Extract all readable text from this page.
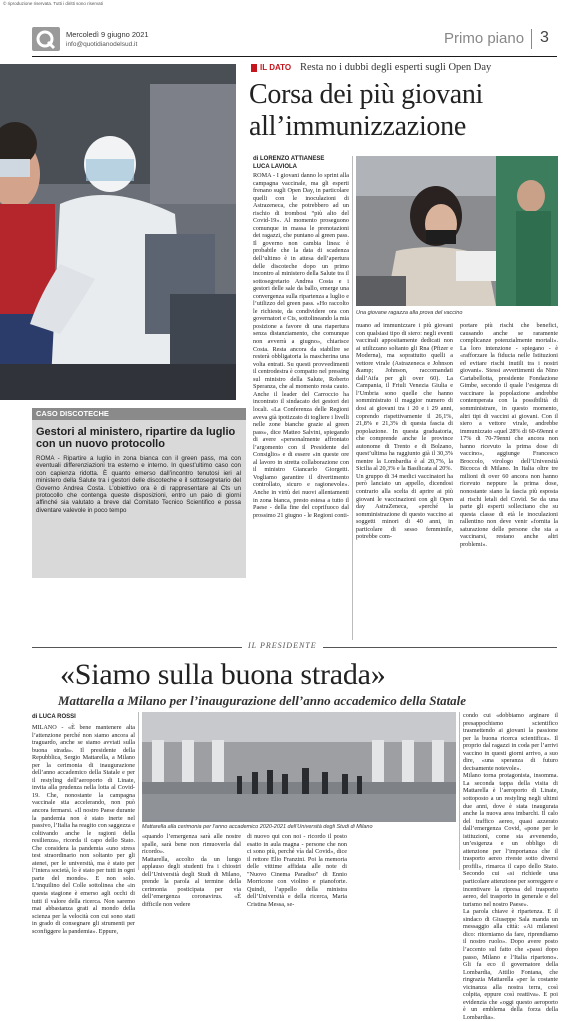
© riproduzione riservata. Tutti i diritti sono riservati
Mercoledì 9 giugno 2021
info@quotidianodelsud.it	Primo piano 3
IL DATO Resta no i dubbi degli esperti sugli Open Day
Corsa dei più giovani
all’immunizzazione
di LORENZO ATTIANESE
LUCA LAVIOLA
ROMA - I giovani danno lo sprint alla campagna vaccinale, ma gli esperti frenano sugli Open Day, in particolare quelli con le inoculazioni di Astrazeneca, che potrebbero ad un rischio di trombosi “più alto del Covid-19». Al momento proseguono comunque in massa le prenotazioni dei ragazzi, che puntano al green pass. Il governo non cambia linea: è probabile che la data di scadenza dell’ultimo è in attesa dell’apertura delle discoteche dopo un primo incontro al ministero della Salute tra il sottosegretario Andrea Costa e i gestori delle sale da ballo, emerge una convergenza sulla ripartenza a luglio e l’utilizzo del green pass. «Ho raccolto le richieste, da condividere ora con governatori e Cts, sottolineando la mia posizione a favore di una riapertura senza distanziamento, che comunque non avverrà a giugno», chiarisce Costa. Resta ancora da stabilire se resterà obbligatoria la mascherina una volta entrati. Su questi provvedimenti il centrodestra è compatto nel pressing sul ministro della Salute, Roberto Speranza, che al momento resta cauto. Anche il leader del Carroccio ha incontrato il sindacato dei gestori dei locali. «La Conferenza delle Regioni aveva già ipotizzato di togliere i livelli nelle zone bianche grazie al green pass», dice Matteo Salvini, spiegando di avere «personalmente affrontato l’argomento con il Presidente del Consiglio» e di essere «in queste ore al lavoro in stretta collaborazione con il ministro Giancarlo Giorgetti. Vogliamo garantire il divertimento controllato, sicuro e ragionevole». Anche in virtù dei nuovi allentamenti in zona bianca, presto estesa a tutto il Paese - della fine del coprifuoco dal prossimo 21 giugno - le Regioni conti-
Una giovane ragazza alla prova del vaccino
nuano ad immunizzare i più giovani con qualsiasi tipo di siero: negli eventi vaccinali appositamente dedicati non ai utilizzano soltanto gli Rna (Pfizer e Moderna), ma soprattutto quelli a vettore virale (Astrazeneca e Johnson &amp; Johnson, raccomandati dall’Aifa per gli over 60). La Campania, il Friuli Venezia Giulia e l’Umbria sono quelle che hanno somministrato il maggior numero di dosi ai giovani tra i 20 e i 29 anni, coprendo rispettivamente il 26,1%, 21,8% e 21,3% di questa fascia di popolazione. In questa graduatoria, che comprende anche le province autonome di Trento e di Bolzano, quest’ultima ha raggiunto già il 30,3% mentre la Lombardia è al 20,7%, la Sicilia al 20,3% e la Basilicata al 20%.
Un gruppo di 34 medici vaccinatori ha però lanciato un appello, dicendosi contrario alla scelta di aprire ai più giovani le vaccinazioni con gli Open day AstraZeneca, «perché la somministrazione di questo vaccino ai soggetti minori di 40 anni, in particolare di sesso femminile, potrebbe com-
portare più rischi che benefici, causando anche se raramente complicanze potenzialmente mortali». La loro intenzione - spiegano - è «rafforzare la fiducia nelle Istituzioni ed evitare rischi inutili tra i nostri giovani». Stessi avvertimenti da Nino Cartabellotta, presidente Fondazione Gimbe, secondo il quale l’esigenza di vaccinare la popolazione andrebbe contemperata con la possibilità di somministrare, in questo momento, altri tipi di vaccini ai giovani. Con il siero a vettore virale, andrebbe immunizzato «quel 28% di 60-69enni e 17% di 70-79enni che ancora non hanno ricevuto la prima dose di vaccino», aggiunge Francesco Broccolo, virologo dell’Università Bicocca di Milano. In Italia oltre tre milioni di over 60 ancora non hanno ricevuto neppure la prima dose, nonostante siano la fascia più esposta ai rischi letali del Covid. Se da una parte gli esperti sollecitano che su questa classe di età le inoculazioni rallentino non deve venir «fornita la saturazione delle persone che sta a vaccinarsi, restano anche altri problemi».
CASO DISCOTECHE
Gestori al ministero, ripartire da luglio
con un nuovo protocollo
ROMA - Ripartire a luglio in zona bianca con il green pass, ma con eventuali differenziazioni tra esterno e interno. In quest’ultimo caso con con capienza ridotta. È quanto emerso dall’incontro tenutosi ieri al ministero della Salute tra i gestori delle discoteche e il sottosegretario del Governo Andrea Costa. L’obiettivo ora è di rappresentare al Cts un protocollo che contenga queste disposizioni, entro un paio di giorni affinché sia valutato a breve dal Comitato Tecnico Scientifico e possa diventare valevole in poco tempo
IL PRESIDENTE
«Siamo sulla buona strada»
Mattarella a Milano per l’inaugurazione dell’anno accademico della Statale
di LUCA ROSSI
MILANO - «È bene mantenere alta l’attenzione perché non siamo ancora al traguardo, anche se siamo avviati sulla buona strada». Il presidente della Repubblica, Sergio Mattarella, a Milano per la cerimonia di inaugurazione dell’anno accademico della Statale e per il restyling dell’aeroporto di Linate, invita alla prudenza nella lotta al Covid-19. Che, nonostante la campagna vaccinale stia accelerando, non può ancora fermarsi. «Il nostro Paese durante la pandemia non è stato inerte nel passivo, l’Italia ha reagito con saggezza e coltivando anche le ragioni della resilienza», ricorda il capo dello Stato. Che considera la pandemia «uno stress test straordinario non soltanto per gli atenei, per le università, ma è stato per l’intera società, lo è stato per tutti in ogni parte del mondo». E non solo. L’inquilino del Colle sottolinea che «in questa stagione è emerso agli occhi di tutti il valore della ricerca. Non saremo mai abbastanza grati al mondo della scienza per la velocità con cui sono stati in grado di consegnare gli strumenti per sconfiggere la pandemia». Eppure,
Mattarella alla cerimonia per l’anno accademico 2020-2021 dell’Università degli Studi di Milano
«quando l’emergenza sarà alle nostre spalle, sarà bene non rimuoverla dal ricordo».
Mattarella, accolto da un lungo applauso degli studenti fra i chiostri dell’Università degli Studi di Milano, prende la parola al termine della cerimonia posticipata per via dell’emergenza coronavirus. «È difficile non vedere
di nuovo qui con noi - ricordo il posto esatto in aula magna - persone che non ci sono più, perché vía dal Covid», dice il rettore Elio Franzini. Poi la memoria delle vittime affidata alle note di "Nuovo Cinema Paradiso" di Ennio Morricone con violino e pianoforte. Quindi, l’appello della ministra dell’Università e della ricerca, Maria Cristina Messa, se-
condo cui «dobbiamo arginare il presappochismo scientifico trasmettendo ai giovani la passione per la buona ricerca scientifica». Il proprio dal ragazzi in coda per l’arrivi vaccino in questi giorni arrivo, a suo dire, «una speranza di futuro decisamente notevole».
Milano torna protagonista, insomma. La seconda tappa della visita di Mattarella è l’aeroporto di Linate, sottoposto a un restyling negli ultimi due anni, dove è stata inaugurata anche la nuova area imbarchi. Il calo del traffico aereo, quasi azzerato dall’emergenza Covid, «pone per le istituzioni, come sta avvenendo, un’esigenza e un obbligo di attenzione per l’importanza che il trasporto aereo riveste sotto diversi profili», rimarca il capo dello Stato. Secondo cui «si richiede una particolare attenzione per sorreggere e incentivare la ripresa del trasporto aereo, del trasporto in generale e del turismo nel nostro Paese».
La parola chiave è ripartenza. E il sindaco di Giuseppe Sala manda un messaggio alla città: «Ai milanesi dico: ritorniamo da fare, riprendiamo il nostro ruolo». Dopo avere posto l’accento sul fatto che «passi dopo passo, Milano e l’Italia ripartono». Gli fa eco il governatore della Lombardia, Attilio Fontana, che ringrazia Mattarella «per la costante vicinanza alla nostra terra, così colpita, eppure così reattiva». E poi evidenzia che «oggi questo aeroporto è un emblema della forza della Lombardia».
